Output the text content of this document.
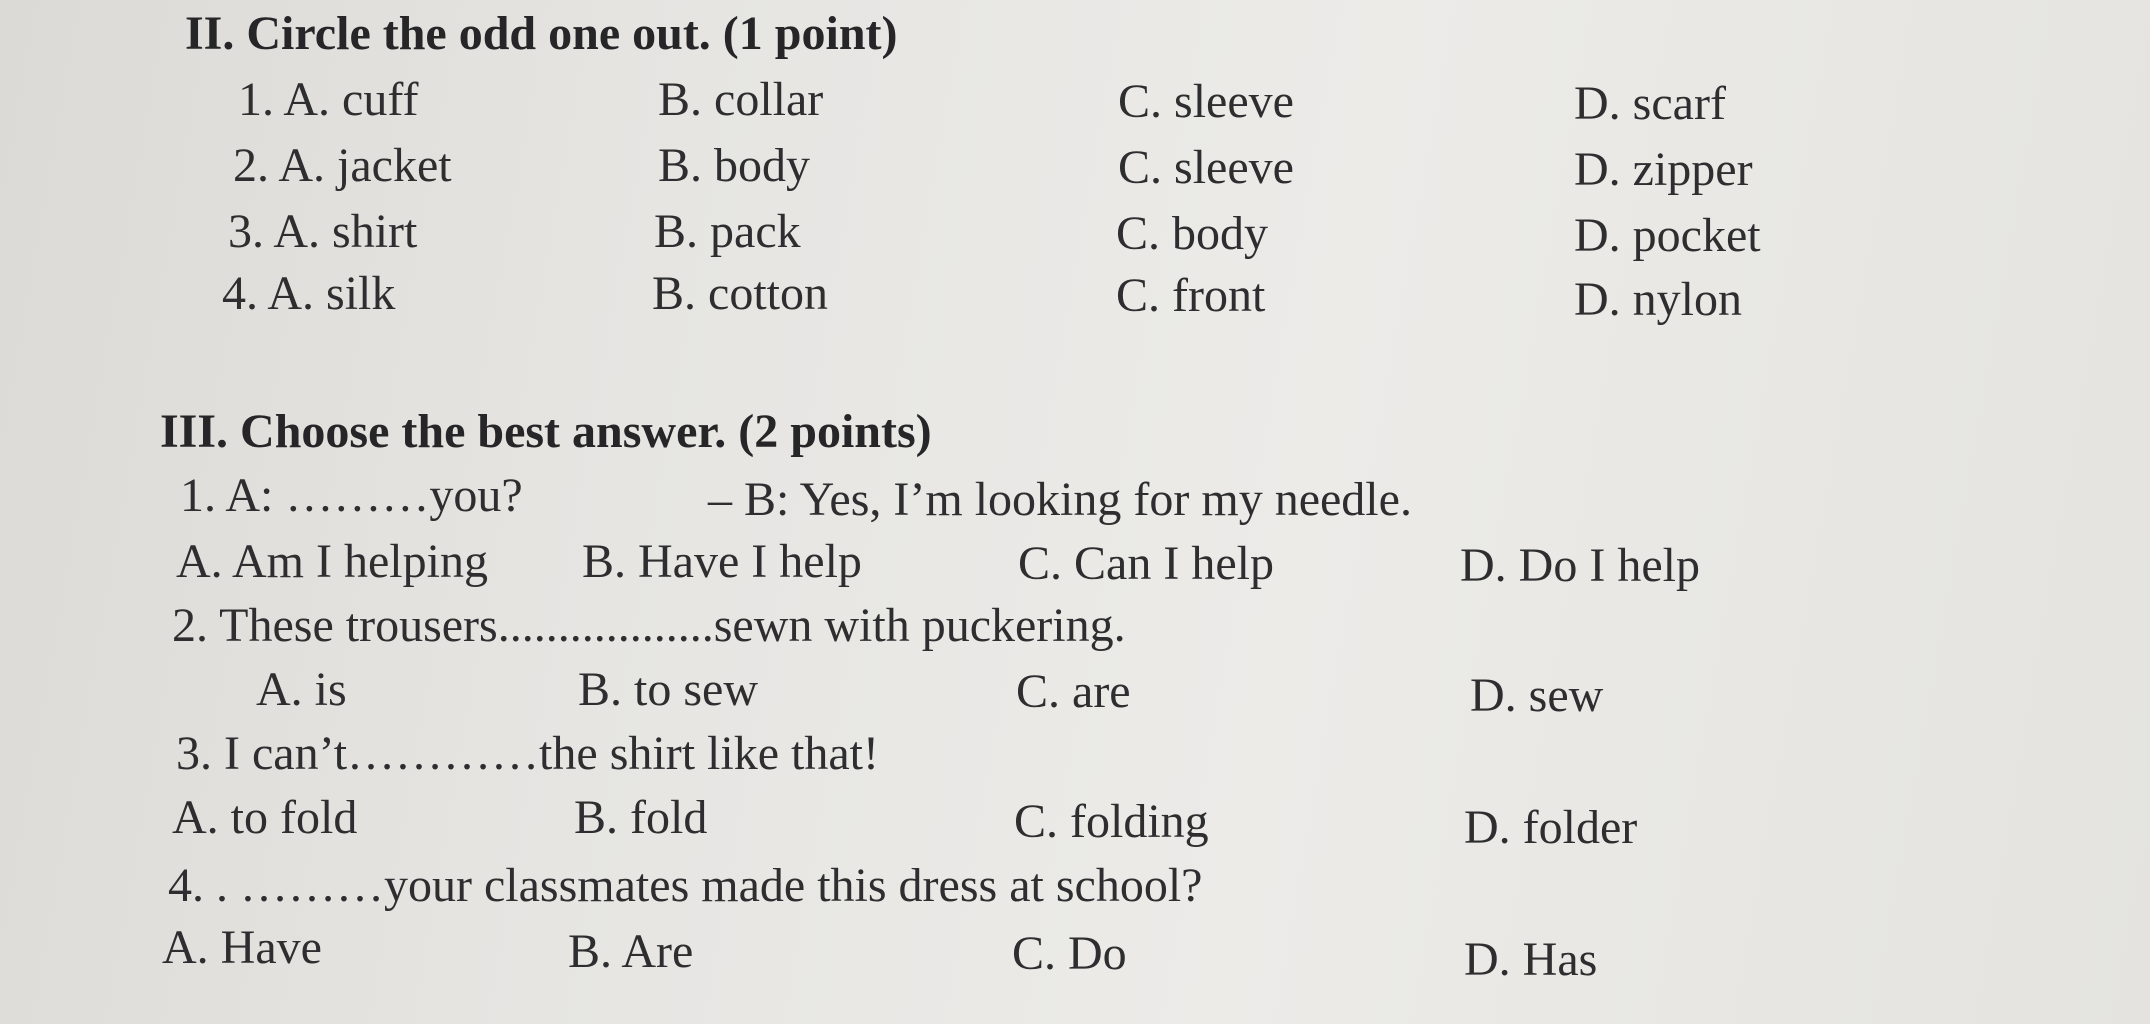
II. Circle the odd one out. (1 point)
1. A. cuff	B. collar	C. sleeve	D. scarf
2. A. jacket	B. body	C. sleeve	D. zipper
3. A. shirt	B. pack	C. body	D. pocket
4. A. silk	B. cotton	C. front	D. nylon
III. Choose the best answer. (2 points)
1. A: ………you?	– B: Yes, I’m looking for my needle.
A. Am I helping B. Have I help	C. Can I help	D. Do I help
2. These trousers..................sewn with puckering.
A. is	B. to sew	C. are	D. sew
3. I can’t…………the shirt like that!
A. to fold	B. fold	C. folding	D. folder
4. . ………your classmates made this dress at school?
A. Have	B. Are	C. Do	D. Has
